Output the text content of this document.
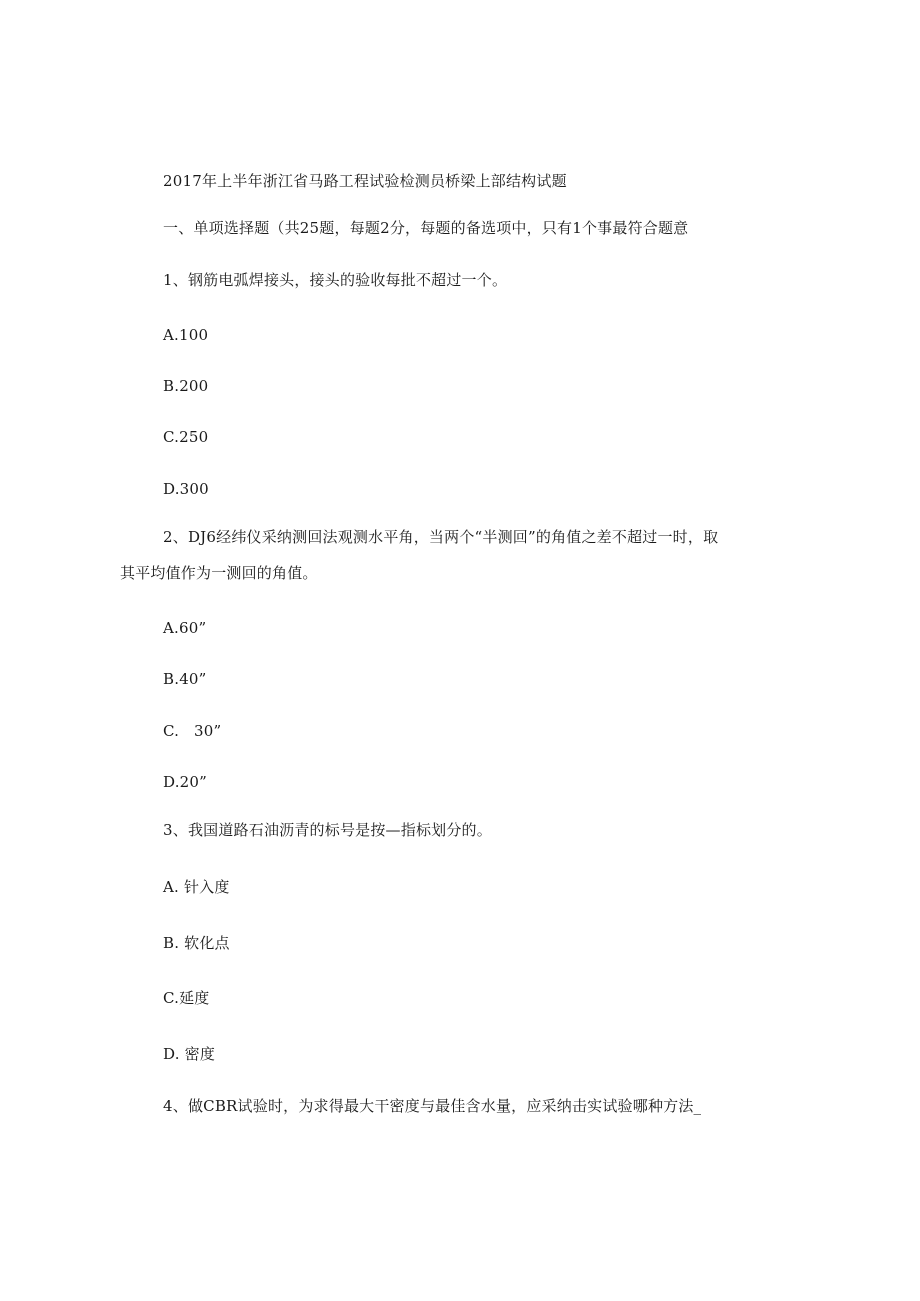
2017年上半年浙江省马路工程试验检测员桥梁上部结构试题
一、单项选择题（共25题，每题2分，每题的备选项中，只有1个事最符合题意
1、钢筋电弧焊接头，接头的验收每批不超过一个。
A.100
B.200
C.250
D.300
2、DJ6经纬仪采纳测回法观测水平角，当两个“半测回”的角值之差不超过一时，取
其平均值作为一测回的角值。
A.60”
B.40”
C.   30”
D.20”
3、我国道路石油沥青的标号是按—指标划分的。
A. 针入度
B. 软化点
C.延度
D. 密度
4、做CBR试验时，为求得最大干密度与最佳含水量，应采纳击实试验哪种方法_
